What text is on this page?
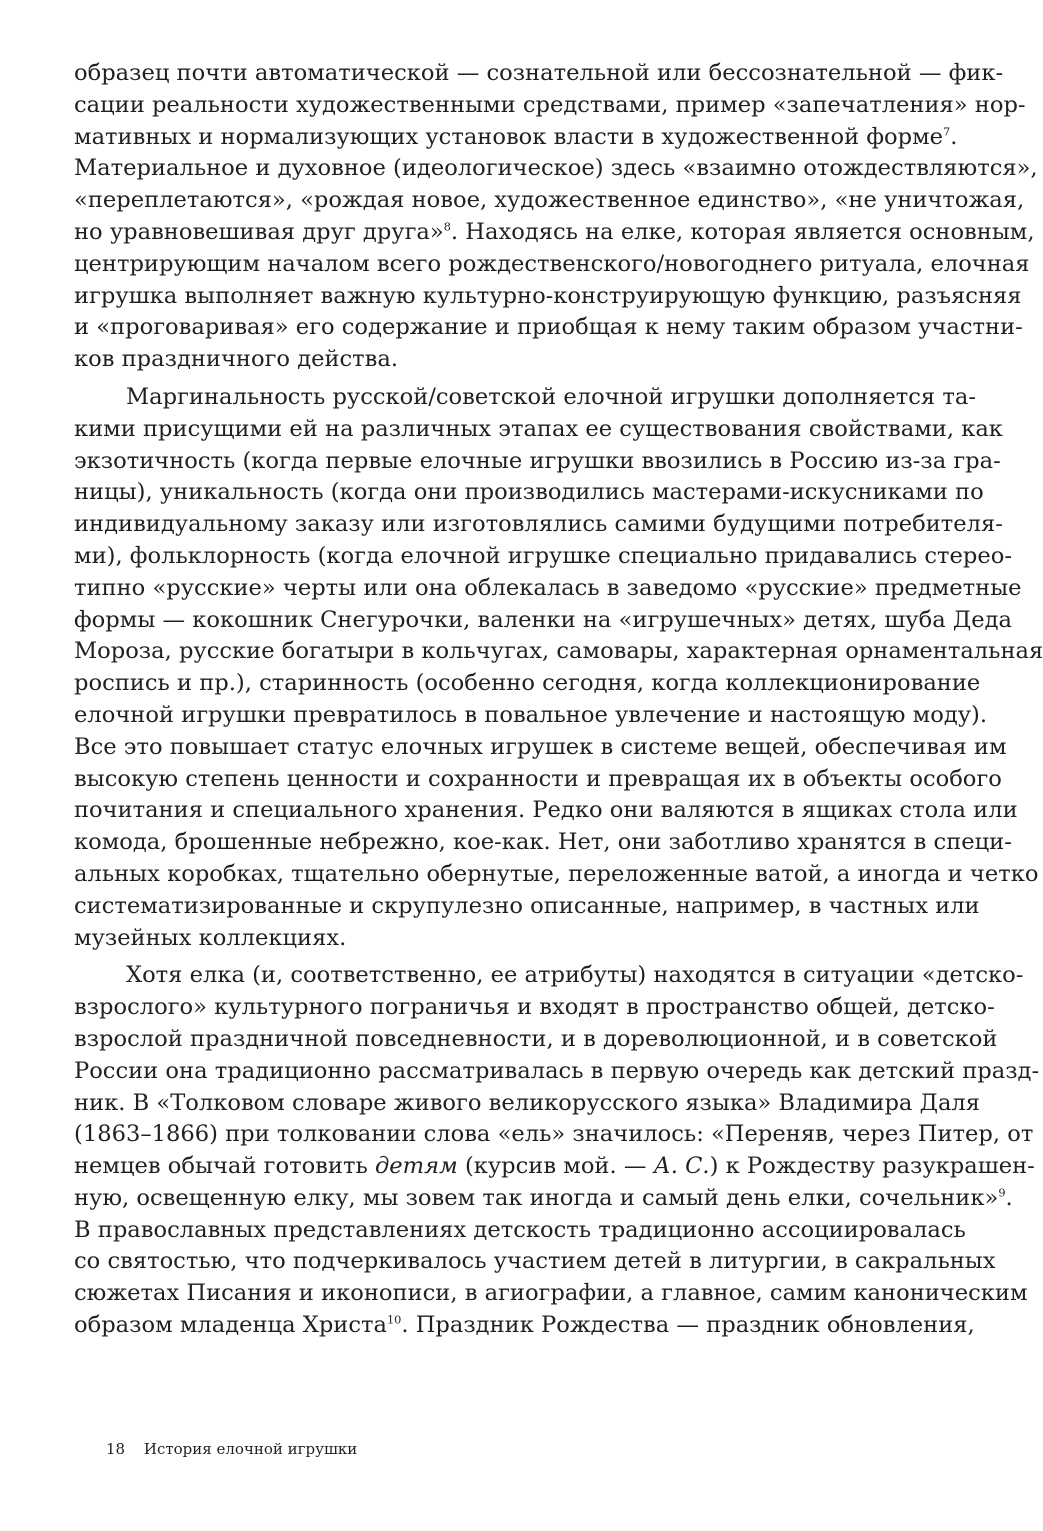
образец почти автоматической — сознательной или бессознательной — фик-
сации реальности художественными средствами, пример «запечатления» нор-
мативных и нормализующих установок власти в художественной форме$^7$.
Материальное и духовное (идеологическое) здесь «взаимно отождествляются»,
«переплетаются», «рождая новое, художественное единство», «не уничтожая,
но уравновешивая друг друга»$^8$. Находясь на елке, которая является основным,
центрирующим началом всего рождественского/новогоднего ритуала, елочная
игрушка выполняет важную культурно-конструирующую функцию, разъясняя
и «проговаривая» его содержание и приобщая к нему таким образом участни-
ков праздничного действа.
Маргинальность русской/советской елочной игрушки дополняется та-
кими присущими ей на различных этапах ее существования свойствами, как
экзотичность (когда первые елочные игрушки ввозились в Россию из-за гра-
ницы), уникальность (когда они производились мастерами-искусниками по
индивидуальному заказу или изготовлялись самими будущими потребителя-
ми), фольклорность (когда елочной игрушке специально придавались стерео-
типно «русские» черты или она облекалась в заведомо «русские» предметные
формы — кокошник Снегурочки, валенки на «игрушечных» детях, шуба Деда
Мороза, русские богатыри в кольчугах, самовары, характерная орнаментальная
роспись и пр.), старинность (особенно сегодня, когда коллекционирование
елочной игрушки превратилось в повальное увлечение и настоящую моду).
Все это повышает статус елочных игрушек в системе вещей, обеспечивая им
высокую степень ценности и сохранности и превращая их в объекты особого
почитания и специального хранения. Редко они валяются в ящиках стола или
комода, брошенные небрежно, кое-как. Нет, они заботливо хранятся в специ-
альных коробках, тщательно обернутые, переложенные ватой, а иногда и четко
систематизированные и скрупулезно описанные, например, в частных или
музейных коллекциях.
Хотя елка (и, соответственно, ее атрибуты) находятся в ситуации «детско-
взрослого» культурного пограничья и входят в пространство общей, детско-
взрослой праздничной повседневности, и в дореволюционной, и в советской
России она традиционно рассматривалась в первую очередь как детский празд-
ник. В «Толковом словаре живого великорусского языка» Владимира Даля
(1863–1866) при толковании слова «ель» значилось: «Переняв, через Питер, от
немцев обычай готовить детям (курсив мой. — А. С.) к Рождеству разукрашен-
ную, освещенную елку, мы зовем так иногда и самый день елки, сочельник»$^9$.
В православных представлениях детскость традиционно ассоциировалась
со святостью, что подчеркивалось участием детей в литургии, в сакральных
сюжетах Писания и иконописи, в агиографии, а главное, самим каноническим
образом младенца Христа$^{10}$. Праздник Рождества — праздник обновления,
18 История елочной игрушки
